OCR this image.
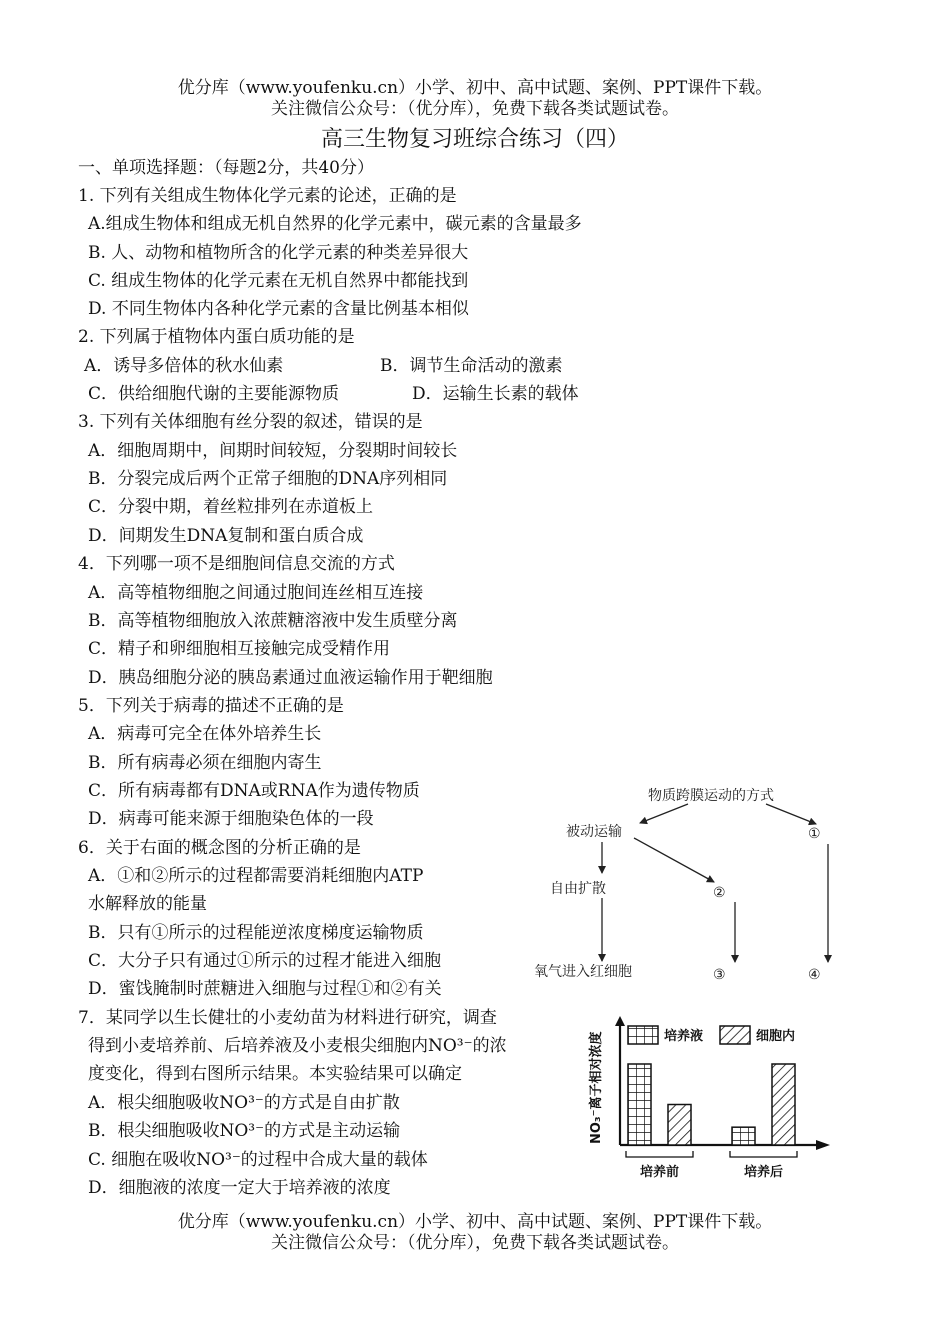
优分库（www.youfenku.cn）小学、初中、高中试题、案例、PPT课件下载。
关注微信公众号：（优分库），免费下载各类试题试卷。
高三生物复习班综合练习（四）
一、单项选择题：（每题2分，共40分）
1. 下列有关组成生物体化学元素的论述，正确的是
A.组成生物体和组成无机自然界的化学元素中，碳元素的含量最多
B. 人、动物和植物所含的化学元素的种类差异很大
C. 组成生物体的化学元素在无机自然界中都能找到
D. 不同生物体内各种化学元素的含量比例基本相似
2. 下列属于植物体内蛋白质功能的是
A．诱导多倍体的秋水仙素	B．调节生命活动的激素
C．供给细胞代谢的主要能源物质	D．运输生长素的载体
3. 下列有关体细胞有丝分裂的叙述，错误的是
A．细胞周期中，间期时间较短，分裂期时间较长
B．分裂完成后两个正常子细胞的DNA序列相同
C．分裂中期，着丝粒排列在赤道板上
D．间期发生DNA复制和蛋白质合成
4．下列哪一项不是细胞间信息交流的方式
A．高等植物细胞之间通过胞间连丝相互连接
B．高等植物细胞放入浓蔗糖溶液中发生质壁分离
C．精子和卵细胞相互接触完成受精作用
D．胰岛细胞分泌的胰岛素通过血液运输作用于靶细胞
5．下列关于病毒的描述不正确的是
A．病毒可完全在体外培养生长
B．所有病毒必须在细胞内寄生
C．所有病毒都有DNA或RNA作为遗传物质
D．病毒可能来源于细胞染色体的一段
6．关于右面的概念图的分析正确的是
A．①和②所示的过程都需要消耗细胞内ATP
水解释放的能量
B．只有①所示的过程能逆浓度梯度运输物质
C．大分子只有通过①所示的过程才能进入细胞
D．蜜饯腌制时蔗糖进入细胞与过程①和②有关
7．某同学以生长健壮的小麦幼苗为材料进行研究，调查
得到小麦培养前、后培养液及小麦根尖细胞内NO³⁻的浓
度变化，得到右图所示结果。本实验结果可以确定
A．根尖细胞吸收NO³⁻的方式是自由扩散
B．根尖细胞吸收NO³⁻的方式是主动运输
C. 细胞在吸收NO³⁻的过程中合成大量的载体
D．细胞液的浓度一定大于培养液的浓度
物质跨膜运动的方式
被动运输	①
自由扩散	②
氧气进入红细胞	③	④
NO₃⁻离子相对浓度	培养液	细胞内
培养前	培养后
优分库（www.youfenku.cn）小学、初中、高中试题、案例、PPT课件下载。
关注微信公众号：（优分库），免费下载各类试题试卷。
